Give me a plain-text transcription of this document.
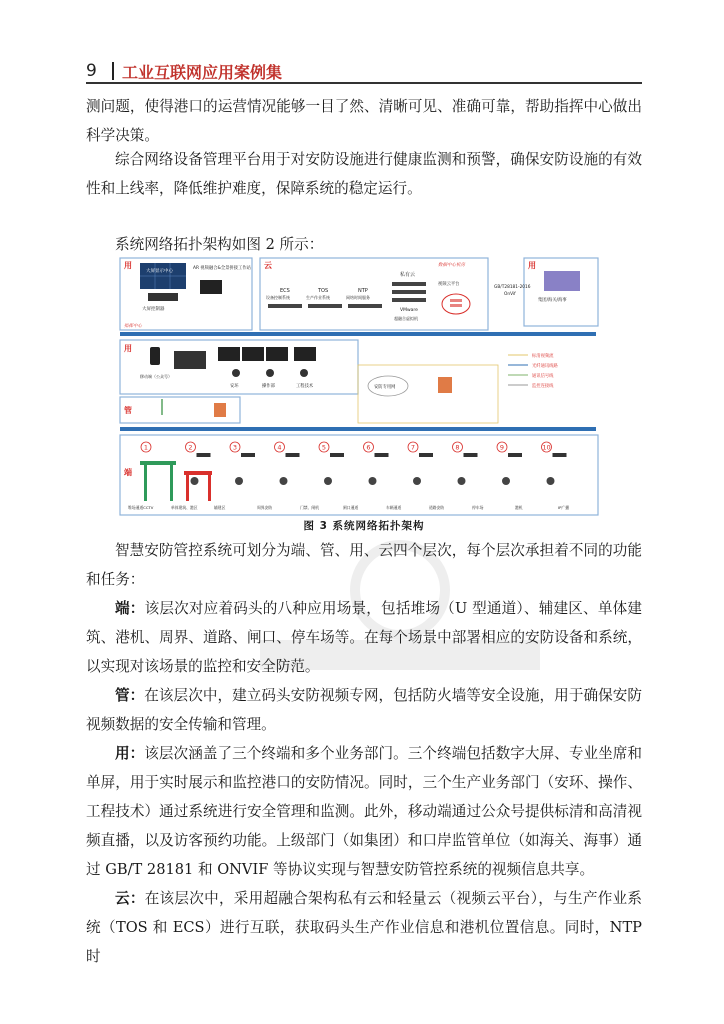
9	工业互联网应用案例集
测问题，使得港口的运营情况能够一目了然、清晰可见、准确可靠，帮助指挥中心做出科学决策。
综合网络设备管理平台用于对安防设施进行健康监测和预警，确保安防设施的有效性和上线率，降低维护难度，保障系统的稳定运行。
系统网络拓扑架构如图 2 所示：
用
大屏显示中心
大屏控制器
AR 视频融合&全景拼接工作站
指挥中心
云	数据中心机房
ECS
设备控制系统
TOS
生产作业系统
NTP
网络时间服务
私有云
VMware
超融合虚拟机
视频云平台
用
GB/T28181-2016
OnVif
集团/海关/海事
用
移动端（公众号）
安环	操作部	工程技术	安防专用网
标清视频流
光纤通讯线路
通讯信号线
监控连接线
管
端
1	2	3	4	5	6	7	8	9	10
堆场通道CCTV	单体建筑、港区	辅建区	周界安防	门禁、闸机	闸口通道	车辆通道	道路安防	停车场	港机	IP广播
图 3 系统网络拓扑架构

智慧安防管控系统可划分为端、管、用、云四个层次，每个层次承担着不同的功能和任务：

端：该层次对应着码头的八种应用场景，包括堆场（U 型通道）、辅建区、单体建筑、港机、周界、道路、闸口、停车场等。在每个场景中部署相应的安防设备和系统，以实现对该场景的监控和安全防范。

管：在该层次中，建立码头安防视频专网，包括防火墙等安全设施，用于确保安防视频数据的安全传输和管理。

用：该层次涵盖了三个终端和多个业务部门。三个终端包括数字大屏、专业坐席和单屏，用于实时展示和监控港口的安防情况。同时，三个生产业务部门（安环、操作、工程技术）通过系统进行安全管理和监测。此外，移动端通过公众号提供标清和高清视频直播，以及访客预约功能。上级部门（如集团）和口岸监管单位（如海关、海事）通过 GB/T 28181 和 ONVIF 等协议实现与智慧安防管控系统的视频信息共享。

云：在该层次中，采用超融合架构私有云和轻量云（视频云平台），与生产作业系统（TOS 和 ECS）进行互联，获取码头生产作业信息和港机位置信息。同时，NTP 时
